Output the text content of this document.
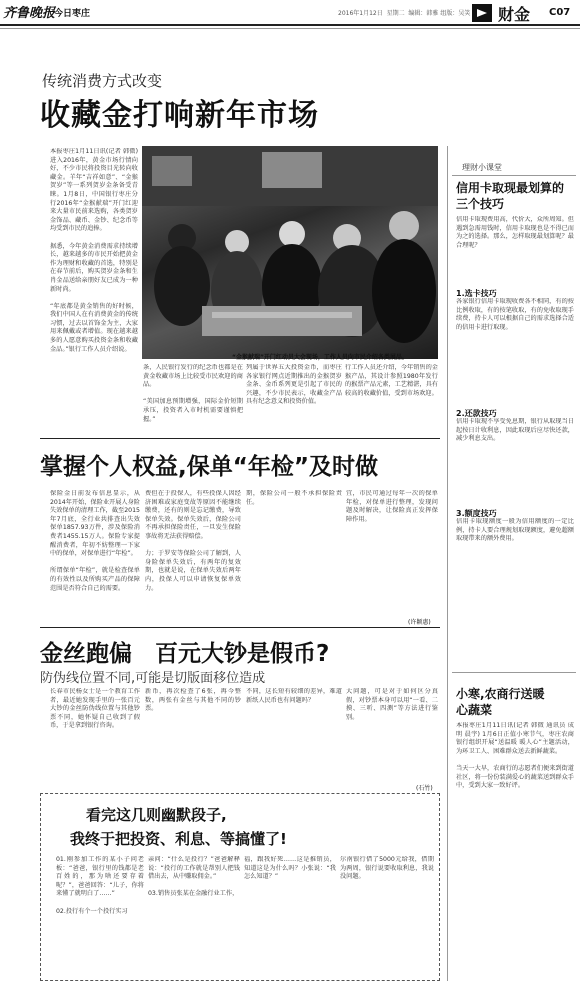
齐鲁晚报
今日枣庄	2016年1月12日 星期二 编辑：韩雅 组版：吴笑 财金 C07
传统消费方式改变
收藏金打响新年市场
本报枣庄1月11日讯(记者 韩微) 进入2016年，黄金市场行情向好，不少市民将投资目光转向收藏金。羊年“吉祥如意”、“金猴贺岁”等一系列贺岁金条备受青睐。1月8日，中国银行枣庄分行2016年“金猴献瑞”开门红迎来大量市民前来选购，各类贺岁金饰品、藏币、金钞、纪念币等均受到市民的追捧。

据悉，今年黄金消费需求持续增长，越来越多的市民开始把黄金作为理财和收藏的首选，特别是在春节前后，购买贺岁金条和生肖金品送给亲朋好友已成为一种新时尚。

“年底都是黄金销售的好时候，我们中国人在有消费黄金的传统习惯，过去以首饰金为主，大家用来佩戴或者增值。现在越来越多的人愿意购买投资金条和收藏金品。”银行工作人员介绍说。
“金猴献瑞”开门红动员大会现场，工作人员向市民介绍各类展品。
条，人民银行发行的纪念币也都是在黄金收藏市场上比较受市民欢迎的商品。

“美国加息预期增强，国际金价短期承压，投资者入市时机需要谨慎把握。”
列属于世界五大投资金币，而枣庄各家银行网点近期推出的金猴贺岁金条、金币系列更是引起了市民的兴趣，不少市民表示，收藏金产品具有纪念意义和投资价值。
行工作人员还介绍，今年销售的金猴产品，其设计参照1980年发行的猴票产品元素，工艺精湛，具有较高的收藏价值，受到市场欢迎。
掌握个人权益,保单“年检”及时做
保险金日前发布信息显示，从2014年开始，保险业开展人身险失效保单的清理工作，截至2015年7月底，全行业共排查出失效保单1857.93万件，涉及保险消费者1455.15万人。保险专家提醒消费者，年初不妨整理一下家中的保单，对保单进行“年检”。

所谓保单“年检”，就是检查保单的有效性以及所购买产品的保障范围是否符合自己的需要。
费但在于投保人，有些投保人因经济困难或家庭变故等原因不能继续缴费，还有的则是忘记缴费，导致保单失效。保单失效后，保险公司不再承担保险责任，一旦发生保险事故将无法获得赔偿。

力；于罗安等保险公司了解到，人身险保单失效后，有两年的复效期，也就是说，在保单失效后两年内，投保人可以申请恢复保单效力。
期，保险公司一般不承担保险责任。
宜，市民可通过每年一次的保单年检，对保单进行整理，发现问题及时解决，让保险真正发挥保障作用。
(许颖惠)
金丝跑偏　百元大钞是假币?
防伪线位置不同,可能是切版面移位造成
长春市民杨女士是一个教育工作者，最近她发现手里的一张百元大钞的金丝防伪线位置与其他钞票不同，她怀疑自己收到了假币，于是拿到银行咨询。
新币，再次检查了6张，再今整数，两张有金丝与其他不同的钞票。
不同，这长短有较细的差异，难道新纸人民币也有问题吗？
大问题，可是对于如何区分真假，对钞票本身可以用“一看、二摸、三听、四测”等方法进行鉴别。
(石竹)
看完这几则幽默段子,
我终于把投资、利息、等搞懂了!
01.刚参加工作的某小子问老板：“爸爸，银行里的钱都是老百姓的，那为啥还要存着呢？”，爸爸回答：“儿子，你将来懂了就明白了……”

02.投行有个一个投行实习
亲问：“什么是投行？”爸爸解释说：“投行的工作就是帮别人把钱借出去，从中赚取佣金。”

03.销售员张某在金融行业工作，
福，跟我好死……这是推销员，知道这是为什么吗？小张说：“我怎么知道？”
尔南银行借了5000元给我，借期为两周，银行说要收取利息，我说没问题。
理财小课堂
信用卡取现最划算的三个技巧
信用卡取现费用高，代价大，众所周知。但遇到急需用钱时，信用卡取现也是不得已而为之的选择。那么，怎样取现最划算呢？最合理呢？
1.选卡技巧
各家银行信用卡取现收费各不相同，有的按比例收取，有的按笔收取，有的免收取现手续费，持卡人可以根据自己的需求选择合适的信用卡进行取现。
2.还款技巧
信用卡取现不享受免息期，银行从取现当日起按日计收利息，因此取现后应尽快还款，减少利息支出。
3.额度技巧
信用卡取现额度一般为信用额度的一定比例，持卡人要合理规划取现额度，避免超额取现带来的额外费用。
小寒,农商行送暖心蔬菜
本报枣庄1月11日讯(记者 韩微 通讯员 成明 晨宇) 1月6日正值小寒节气，枣庄农商银行组织开展“送温暖 暖人心”主题活动，为环卫工人、困难群众送去新鲜蔬菜。

当天一大早，农商行的志愿者们便来到街道社区，将一份份装满爱心的蔬菜送到群众手中，受到大家一致好评。
